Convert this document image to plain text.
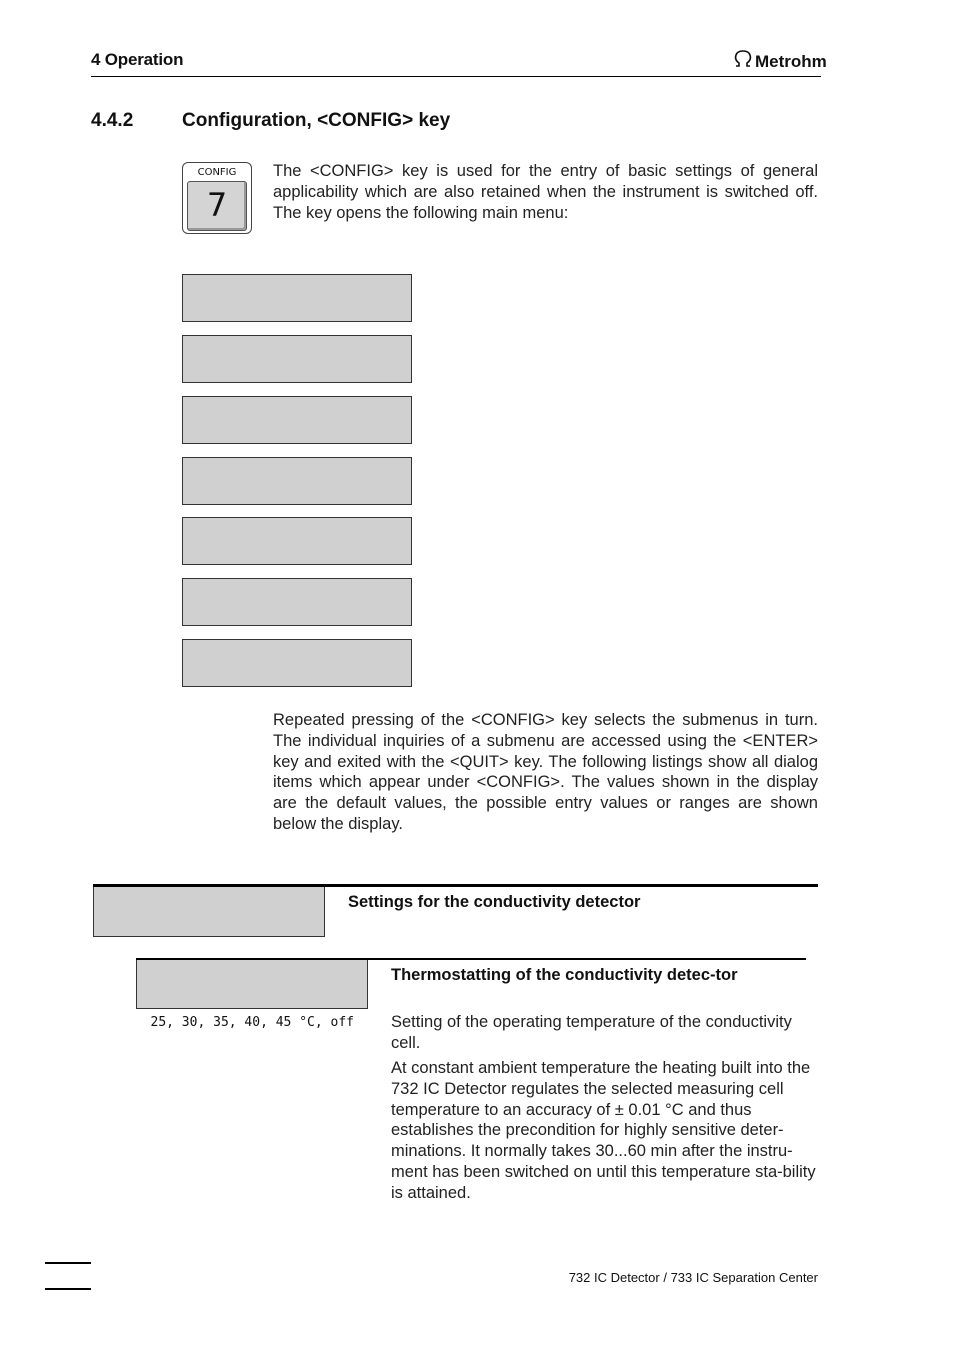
4 Operation	Metrohm
4.4.2	Configuration, <CONFIG> key
CONFIG
7
The <CONFIG> key is used for the entry of basic settings of general applicability which are also retained when the instrument is switched off. The key opens the following main menu:
Repeated pressing of the <CONFIG> key selects the submenus in turn. The individual inquiries of a submenu are accessed using the <ENTER> key and exited with the <QUIT> key. The following listings show all dialog items which appear under <CONFIG>. The values shown in the display are the default values, the possible entry values or ranges are shown below the display.
Settings for the conductivity detector
Thermostatting of the conductivity detec-tor
25, 30, 35, 40, 45 °C, off Setting of the operating temperature of the conductivity cell.
At constant ambient temperature the heating built into the 732 IC Detector regulates the selected measuring cell temperature to an accuracy of ± 0.01 °C and thus establishes the precondition for highly sensitive deter-minations. It normally takes 30...60 min after the instru-ment has been switched on until this temperature sta-bility is attained.
732 IC Detector / 733 IC Separation Center
